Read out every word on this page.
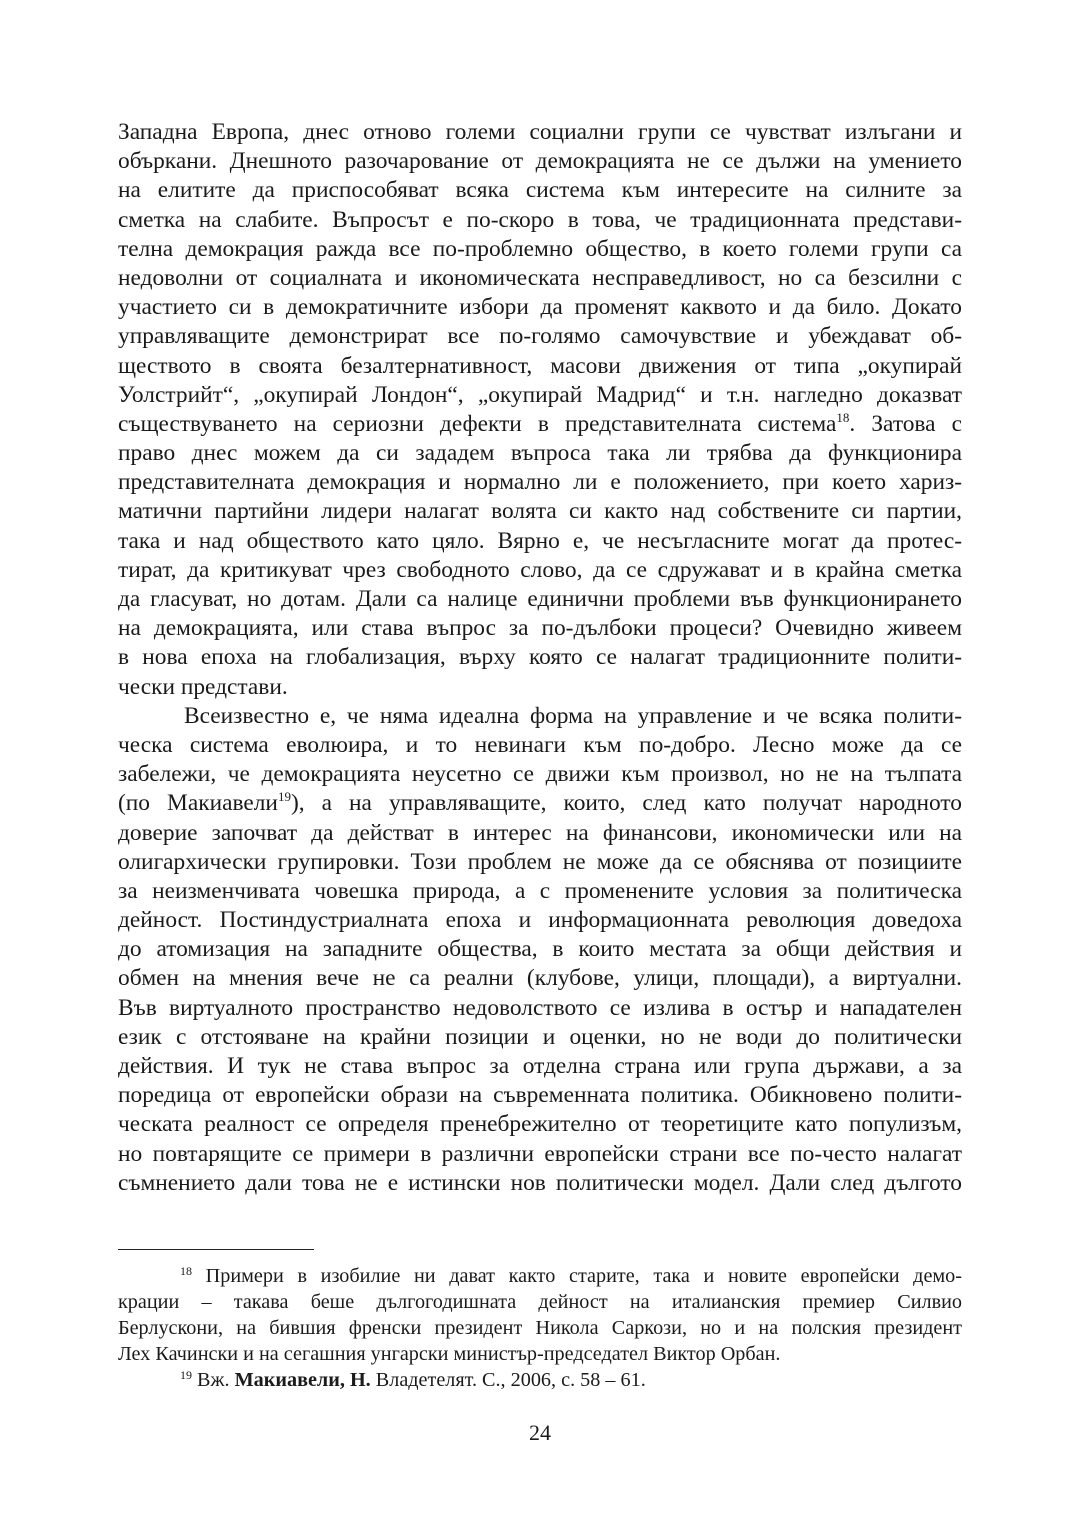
Западна Европа, днес отново големи социални групи се чувстват излъгани и
объркани. Днешното разочарование от демокрацията не се дължи на умението
на елитите да приспособяват всяка система към интересите на силните за
сметка на слабите. Въпросът е по-скоро в това, че традиционната представи-
телна демокрация ражда все по-проблемно общество, в което големи групи са
недоволни от социалната и икономическата несправедливост, но са безсилни с
участието си в демократичните избори да променят каквото и да било. Докато
управляващите демонстрират все по-голямо самочувствие и убеждават об-
ществото в своята безалтернативност, масови движения от типа „окупирай
Уолстрийт“, „окупирай Лондон“, „окупирай Мадрид“ и т.н. нагледно доказват
съществуването на сериозни дефекти в представителната система$^{18}$. Затова с
право днес можем да си зададем въпроса така ли трябва да функционира
представителната демокрация и нормално ли е положението, при което хариз-
матични партийни лидери налагат волята си както над собствените си партии,
така и над обществото като цяло. Вярно е, че несъгласните могат да протес-
тират, да критикуват чрез свободното слово, да се сдружават и в крайна сметка
да гласуват, но дотам. Дали са налице единични проблеми във функционирането
на демокрацията, или става въпрос за по-дълбоки процеси? Очевидно живеем
в нова епоха на глобализация, върху която се налагат традиционните полити-
чески представи.
Всеизвестно е, че няма идеална форма на управление и че всяка полити-
ческа система еволюира, и то невинаги към по-добро. Лесно може да се
забележи, че демокрацията неусетно се движи към произвол, но не на тълпата
(по Макиавели$^{19}$), а на управляващите, които, след като получат народното
доверие започват да действат в интерес на финансови, икономически или на
олигархически групировки. Този проблем не може да се обяснява от позициите
за неизменчивата човешка природа, а с променените условия за политическа
дейност. Постиндустриалната епоха и информационната революция доведоха
до атомизация на западните общества, в които местата за общи действия и
обмен на мнения вече не са реални (клубове, улици, площади), а виртуални.
Във виртуалното пространство недоволството се излива в остър и нападателен
език с отстояване на крайни позиции и оценки, но не води до политически
действия. И тук не става въпрос за отделна страна или група държави, а за
поредица от европейски образи на съвременната политика. Обикновено полити-
ческата реалност се определя пренебрежително от теоретиците като популизъм,
но повтарящите се примери в различни европейски страни все по-често налагат
съмнението дали това не е истински нов политически модел. Дали след дългото
$^{18}$ Примери в изобилие ни дават както старите, така и новите европейски демо-
крации – такава беше дългогодишната дейност на италианския премиер Силвио
Берлускони, на бившия френски президент Никола Саркози, но и на полския президент
Лех Качински и на сегашния унгарски министър-председател Виктор Орбан.
$^{19}$ Вж. Макиавели, Н. Владетелят. С., 2006, с. 58 – 61.
24
